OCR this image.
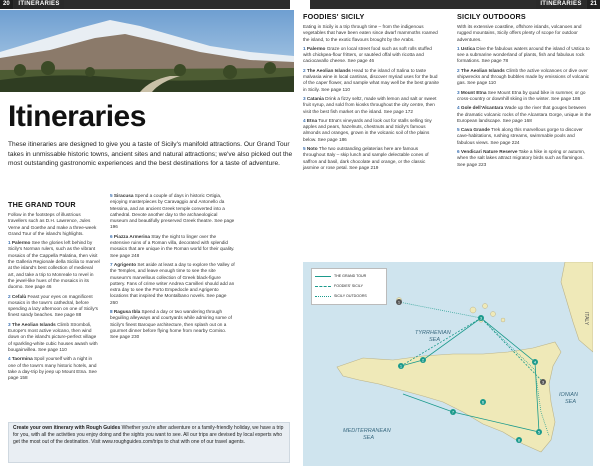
20 ITINERARIES	ITINERARIES 21
Itineraries
These itineraries are designed to give you a taste of Sicily's manifold attractions. Our Grand Tour takes in unmissable historic towns, ancient sites and natural attractions; we've also picked out the most outstanding gastronomic experiences and the best destinations for a taste of adventure.
THE GRAND TOUR

Follow in the footsteps of illustrious travellers such as D.H. Lawrence, Jules Verne and Goethe and make a three-week Grand Tour of the island's highlights.

1 Palermo See the glories left behind by Sicily's Norman rulers, such as the vibrant mosaics of the Cappella Palatina, then visit the Galleria Regionale della Sicilia to marvel at the island's best collection of medieval art, and take a trip to Monreale to revel in the jewel-like hues of the mosaics in its duomo. See page 46

2 Cefalù Feast your eyes on magnificent mosaics in the town's cathedral, before spending a lazy afternoon on one of Sicily's finest sandy beaches. See page 88

3 The Aeolian Islands Climb Stromboli, Europe's most active volcano, then wind down on the island's picture-perfect village of sparkling-white cubic houses awash with bougainvillea. See page 110

4 Taormina Spoil yourself with a night in one of the town's many historic hotels, and take a day-trip by jeep up Mount Etna. See page 158

5 Siracusa Spend a couple of days in historic Ortigia, enjoying masterpieces by Caravaggio and Antonello da Messina, and an ancient Greek temple converted into a cathedral. Devote another day to the archaeological museum and beautifully preserved Greek theatre. See page 196

6 Piazza Armerina Stay the night to linger over the extensive ruins of a Roman villa, decorated with splendid mosaics that are unique in the Roman world for their quality. See page 248

7 Agrigento Set aside at least a day to explore the Valley of the Temples, and leave enough time to see the site museum's marvellous collection of Greek black-figure pottery. Fans of crime writer Andrea Camilleri should add an extra day to see the Porto Empedocle and Agrigento locations that inspired the Montalbano novels. See page 260

8 Ragusa Ibla Spend a day or two wandering through beguiling alleyways and courtyards while admiring some of Sicily's finest Baroque architecture, then splash out on a gourmet dinner before flying home from nearby Comiso. See page 230

FOODIES' SICILY

Eating in Sicily is a trip through time – from the indigenous vegetables that have been eaten since dwarf mammoths roamed the island, to the exotic flavours brought by the Arabs.

1 Palermo Graze on local street food such as soft rolls stuffed with chickpea-flour fritters, or sautéed offal with ricotta and caciocavallo cheese. See page 46

2 The Aeolian Islands Head to the island of Salina to taste malvasia wine in local cantinas, discover myriad uses for the bud of the caper flower, and sample what may well be the best granite in Sicily. See page 110

3 Catania Drink a fizzy seltz, made with lemon and salt or sweet fruit syrup, and sold from kiosks throughout the city centre, then visit the best fish market on the island. See page 172

4 Etna Tour Etna's vineyards and look out for stalls selling tiny apples and pears, hazelnuts, chestnuts and Sicily's famous almonds and oranges, grown in the volcanic soil of the plains below. See page 186

5 Noto The two outstanding gelaterias here are famous throughout Italy – skip lunch and sample delectable cones of saffron and basil, dark chocolate and orange, or the classic jasmine or rose petal. See page 219

SICILY OUTDOORS

With its extensive coastline, offshore islands, volcanoes and rugged mountains, Sicily offers plenty of scope for outdoor adventures.

1 Ustica Dive the fabulous waters around the island of Ustica to see a submarine wonderland of plants, fish and fabulous rock formations. See page 78

2 The Aeolian Islands Climb the active volcanoes or dive over shipwrecks and through bubbles made by emissions of volcanic gas. See page 110

3 Mount Etna See Mount Etna by quad bike in summer, or go cross-country or downhill skiing in the winter. See page 186

4 Gole dell'Alcantara Wade up the river that gouges between the dramatic volcanic rocks of the Alcantara Gorge, unique in the European landscape. See page 168

5 Cava Grande Trek along this marvellous gorge to discover cave-habitations, rushing streams, swimmable pools and fabulous views. See page 224

6 Vendicari Nature Reserve Take a hike in spring or autumn, when the salt lakes attract migratory birds such as flamingos. See page 223

Create your own itinerary with Rough Guides Whether you're after adventure or a family-friendly holiday, we have a trip for you, with all the activities you enjoy doing and the sights you want to see. All our trips are devised by local experts who get the most out of the destination. Visit www.roughguides.com/trips to chat with one of our travel agents.
1
2
3
4
5
6
7
8
1
3
TYRRHENIAN
SEA
IONIAN
SEA
MEDITERRANEAN
SEA
ITALY
THE GRAND TOUR
FOODIES' SICILY
SICILY OUTDOORS
